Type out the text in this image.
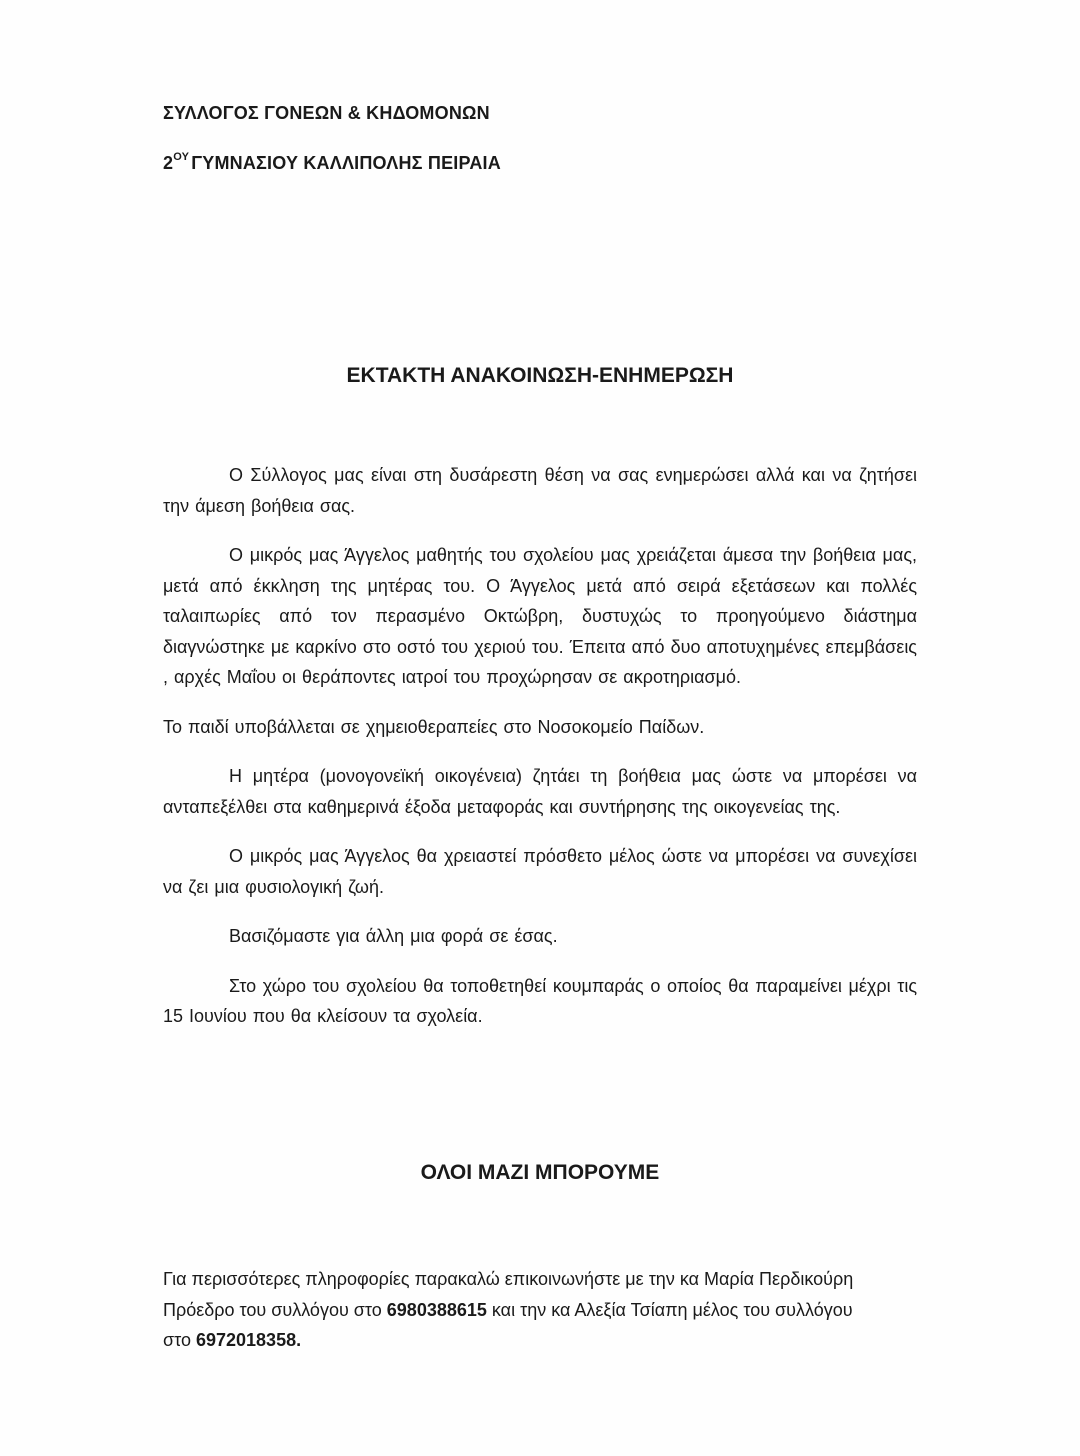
ΣΥΛΛΟΓΟΣ ΓΟΝΕΩΝ & ΚΗΔΟΜΟΝΩΝ
$2^{O\Upsilon}$ ΓΥΜΝΑΣΙΟΥ ΚΑΛΛΙΠΟΛΗΣ ΠΕΙΡΑΙΑ
ΕΚΤΑΚΤΗ ΑΝΑΚΟΙΝΩΣΗ-ΕΝΗΜΕΡΩΣΗ

Ο Σύλλογος μας είναι στη δυσάρεστη θέση να σας ενημερώσει αλλά και να ζητήσει την άμεση βοήθεια σας.

Ο μικρός μας Άγγελος μαθητής του σχολείου μας χρειάζεται άμεσα την βοήθεια μας, μετά από έκκληση της μητέρας του. Ο Άγγελος μετά από σειρά εξετάσεων και πολλές ταλαιπωρίες από τον περασμένο Οκτώβρη, δυστυχώς το προηγούμενο διάστημα διαγνώστηκε με καρκίνο στο οστό του χεριού του. Έπειτα από δυο αποτυχημένες επεμβάσεις , αρχές Μαΐου οι θεράποντες ιατροί του προχώρησαν σε ακροτηριασμό.

Το παιδί υποβάλλεται σε χημειοθεραπείες στο Νοσοκομείο Παίδων.

Η μητέρα (μονογονεϊκή οικογένεια) ζητάει τη βοήθεια μας ώστε να μπορέσει να ανταπεξέλθει στα καθημερινά έξοδα μεταφοράς και συντήρησης της οικογενείας της.

Ο μικρός μας Άγγελος θα χρειαστεί πρόσθετο μέλος ώστε να μπορέσει να συνεχίσει να ζει μια φυσιολογική ζωή.

Βασιζόμαστε για άλλη μια φορά σε έσας.

Στο χώρο του σχολείου θα τοποθετηθεί κουμπαράς ο οποίος θα παραμείνει μέχρι τις 15 Ιουνίου που θα κλείσουν τα σχολεία.

ΟΛΟΙ ΜΑΖΙ ΜΠΟΡΟΥΜΕ
Για περισσότερες πληροφορίες παρακαλώ επικοινωνήστε με την κα Μαρία Περδικούρη Πρόεδρο του συλλόγου στο 6980388615 και την κα Αλεξία Τσίαπη μέλος του συλλόγου στο 6972018358.
